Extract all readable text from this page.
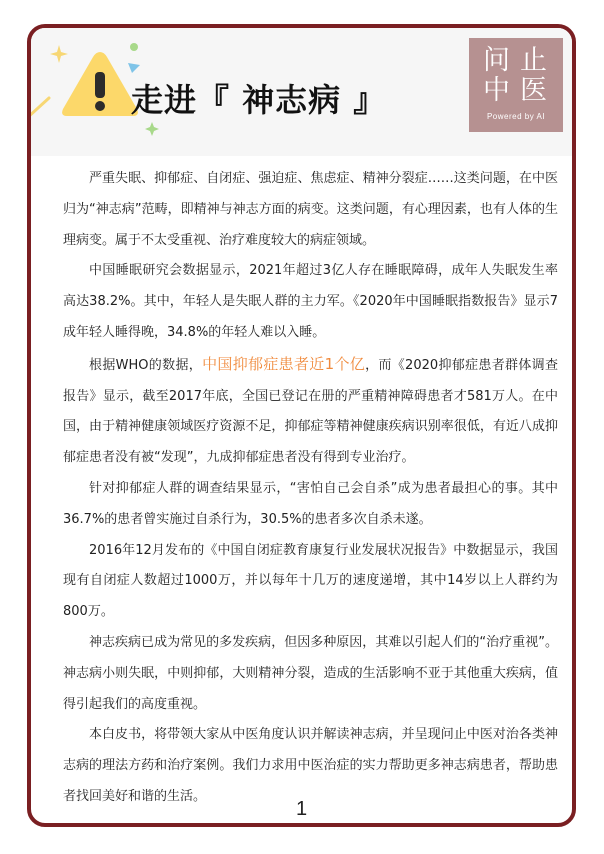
走进『 神志病 』
问止
中医
Powered by AI

严重失眠、抑郁症、自闭症、强迫症、焦虑症、精神分裂症……这类问题，在中医归为“神志病”范畴，即精神与神志方面的病变。这类问题，有心理因素，也有人体的生理病变。属于不太受重视、治疗难度较大的病症领域。

中国睡眠研究会数据显示，2021年超过3亿人存在睡眠障碍，成年人失眠发生率高达38.2%。其中，年轻人是失眠人群的主力军。《2020年中国睡眠指数报告》显示7成年轻人睡得晚，34.8%的年轻人难以入睡。

根据WHO的数据，中国抑郁症患者近1个亿，而《2020抑郁症患者群体调查报告》显示，截至2017年底，全国已登记在册的严重精神障碍患者才581万人。在中国，由于精神健康领域医疗资源不足，抑郁症等精神健康疾病识别率很低，有近八成抑郁症患者没有被“发现”，九成抑郁症患者没有得到专业治疗。

针对抑郁症人群的调查结果显示，“害怕自己会自杀”成为患者最担心的事。其中36.7%的患者曾实施过自杀行为，30.5%的患者多次自杀未遂。

2016年12月发布的《中国自闭症教育康复行业发展状况报告》中数据显示，我国现有自闭症人数超过1000万，并以每年十几万的速度递增，其中14岁以上人群约为800万。

神志疾病已成为常见的多发疾病，但因多种原因，其难以引起人们的“治疗重视”。神志病小则失眠，中则抑郁，大则精神分裂，造成的生活影响不亚于其他重大疾病，值得引起我们的高度重视。

本白皮书，将带领大家从中医角度认识并解读神志病，并呈现问止中医对治各类神志病的理法方药和治疗案例。我们力求用中医治症的实力帮助更多神志病患者，帮助患者找回美好和谐的生活。

1
